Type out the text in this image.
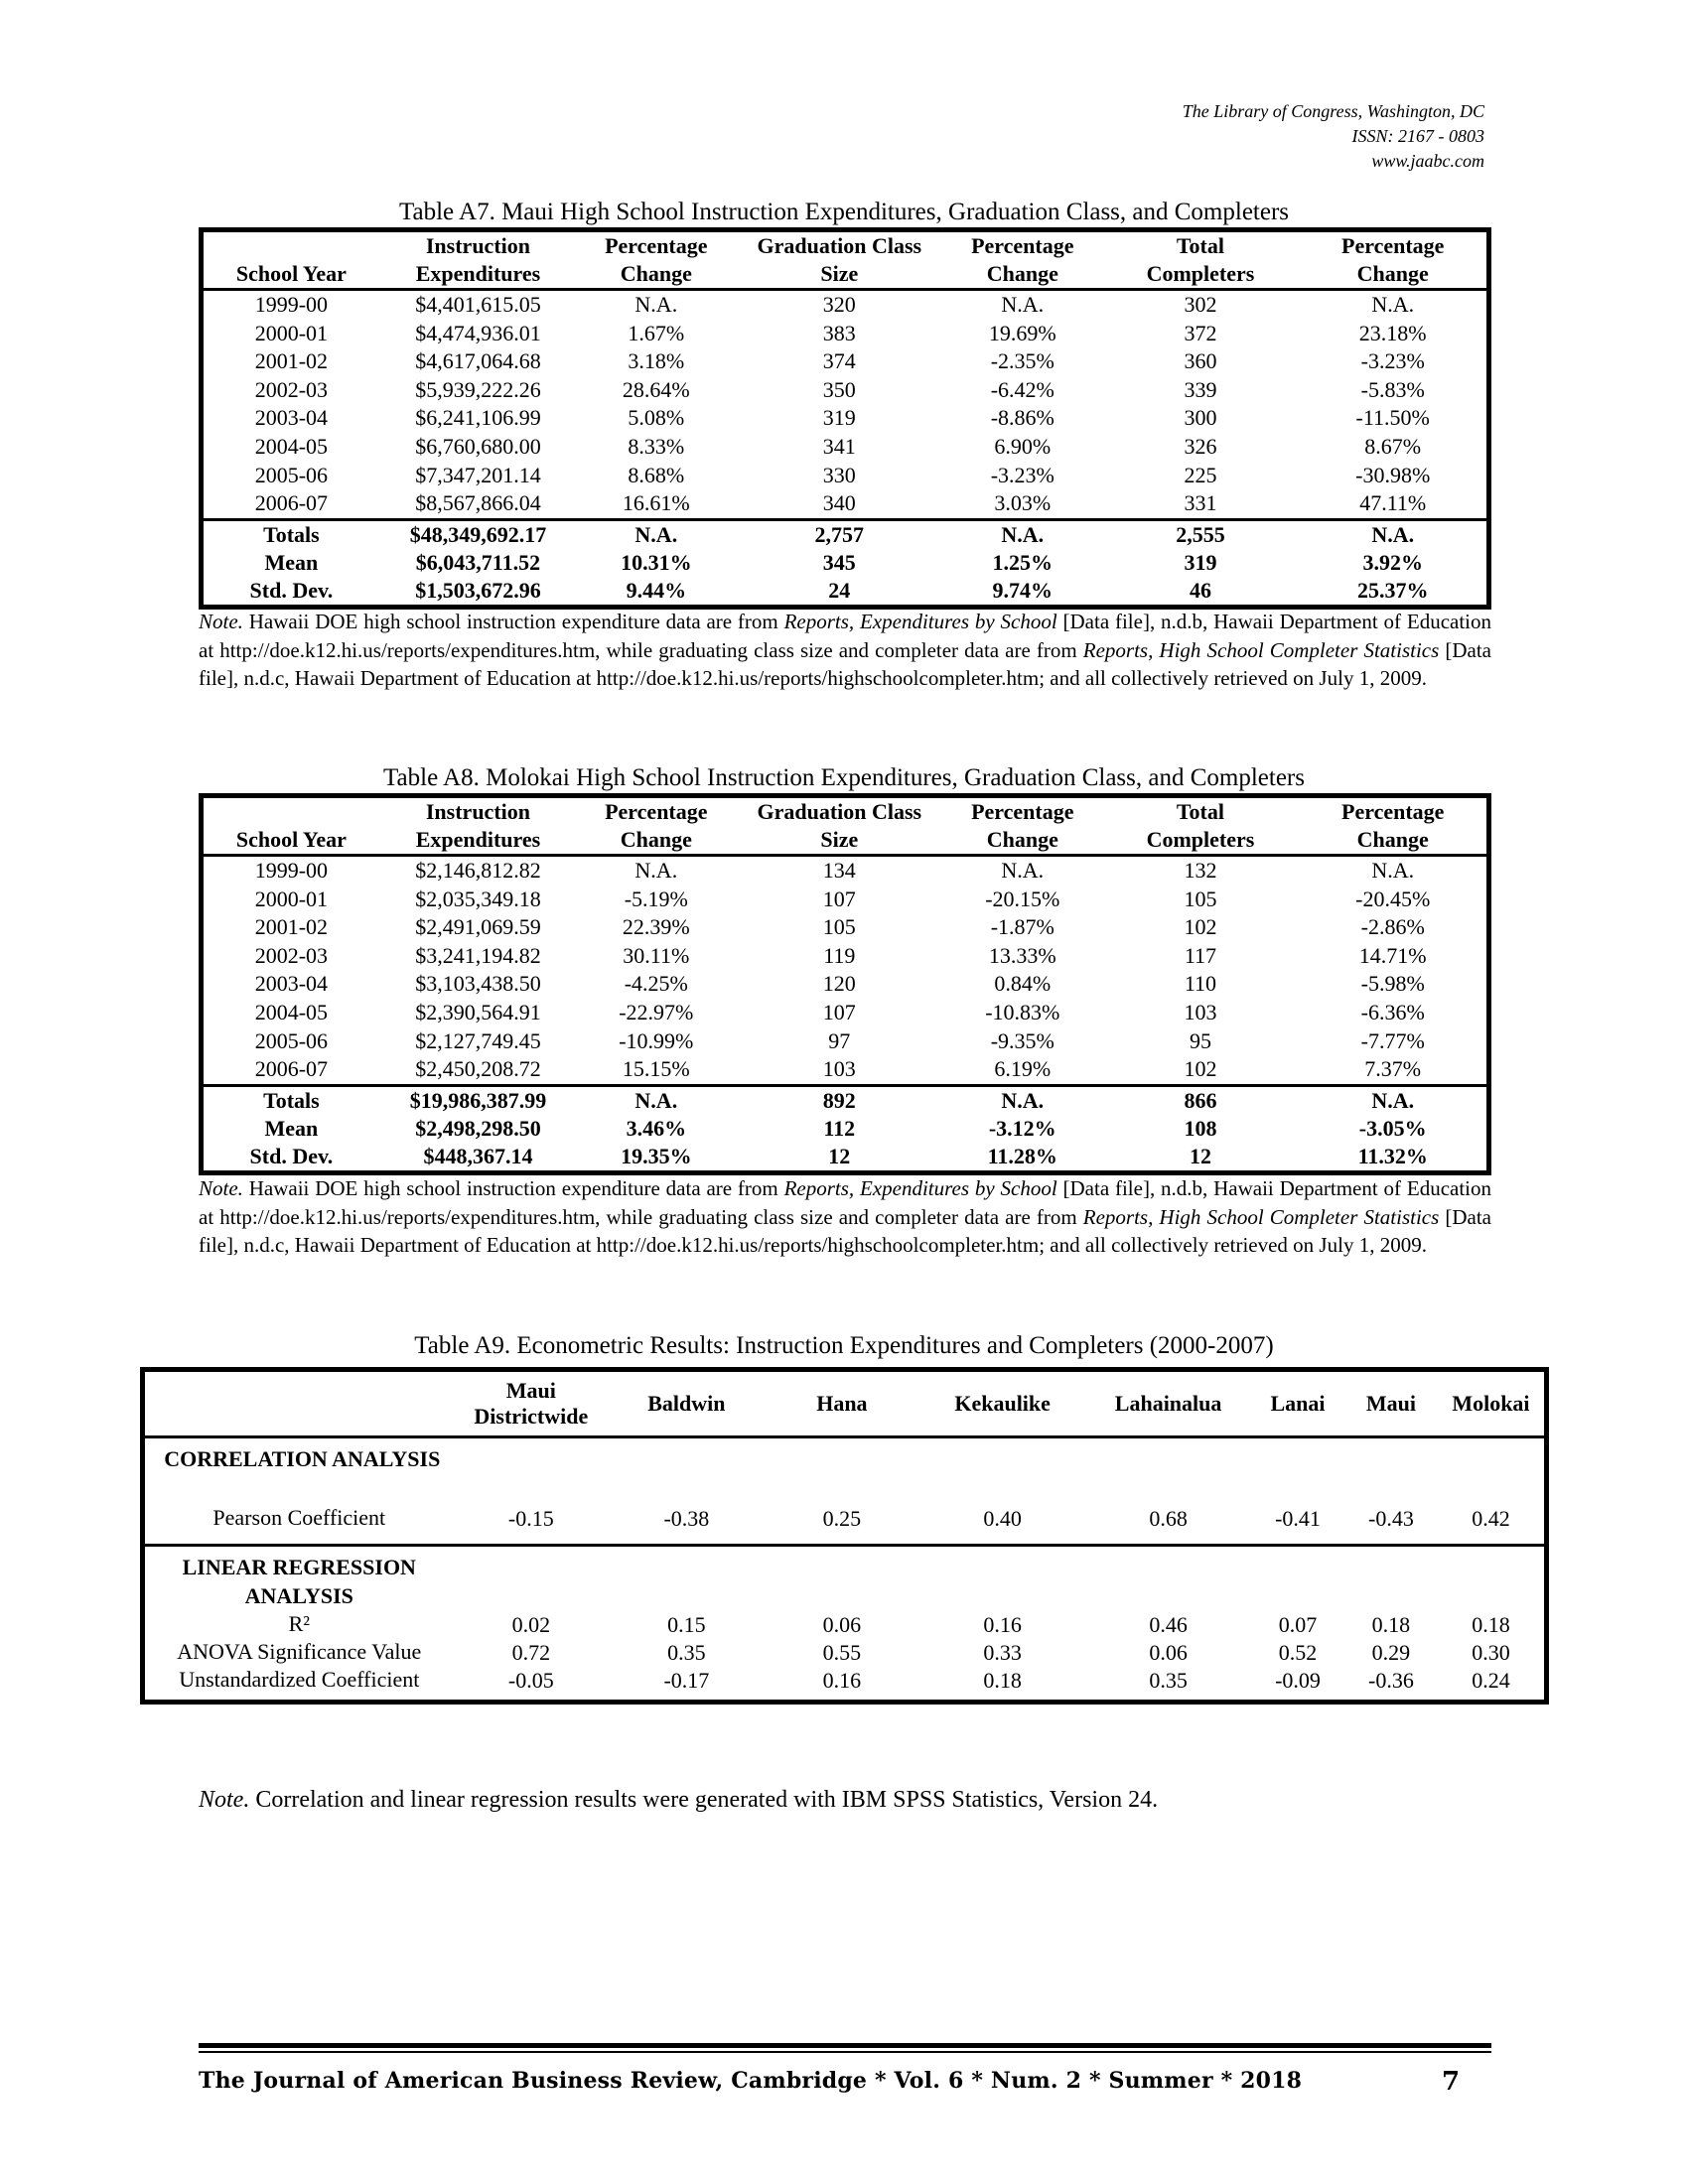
The Library of Congress, Washington, DC
ISSN: 2167 - 0803
www.jaabc.com
Table A7. Maui High School Instruction Expenditures, Graduation Class, and Completers
	Instruction	Percentage	Graduation Class	Percentage	Total	Percentage
School Year	Expenditures	Change	Size	Change	Completers	Change
1999-00	$4,401,615.05	N.A.	320	N.A.	302	N.A.
2000-01	$4,474,936.01	1.67%	383	19.69%	372	23.18%
2001-02	$4,617,064.68	3.18%	374	-2.35%	360	-3.23%
2002-03	$5,939,222.26	28.64%	350	-6.42%	339	-5.83%
2003-04	$6,241,106.99	5.08%	319	-8.86%	300	-11.50%
2004-05	$6,760,680.00	8.33%	341	6.90%	326	8.67%
2005-06	$7,347,201.14	8.68%	330	-3.23%	225	-30.98%
2006-07	$8,567,866.04	16.61%	340	3.03%	331	47.11%
Totals	$48,349,692.17	N.A.	2,757	N.A.	2,555	N.A.
Mean	$6,043,711.52	10.31%	345	1.25%	319	3.92%
Std. Dev.	$1,503,672.96	9.44%	24	9.74%	46	25.37%
Note. Hawaii DOE high school instruction expenditure data are from Reports, Expenditures by School [Data file], n.d.b, Hawaii Department of Education at http://doe.k12.hi.us/reports/expenditures.htm, while graduating class size and completer data are from Reports, High School Completer Statistics [Data file], n.d.c, Hawaii Department of Education at http://doe.k12.hi.us/reports/highschoolcompleter.htm; and all collectively retrieved on July 1, 2009.
Table A8. Molokai High School Instruction Expenditures, Graduation Class, and Completers
	Instruction	Percentage	Graduation Class	Percentage	Total	Percentage
School Year	Expenditures	Change	Size	Change	Completers	Change
1999-00	$2,146,812.82	N.A.	134	N.A.	132	N.A.
2000-01	$2,035,349.18	-5.19%	107	-20.15%	105	-20.45%
2001-02	$2,491,069.59	22.39%	105	-1.87%	102	-2.86%
2002-03	$3,241,194.82	30.11%	119	13.33%	117	14.71%
2003-04	$3,103,438.50	-4.25%	120	0.84%	110	-5.98%
2004-05	$2,390,564.91	-22.97%	107	-10.83%	103	-6.36%
2005-06	$2,127,749.45	-10.99%	97	-9.35%	95	-7.77%
2006-07	$2,450,208.72	15.15%	103	6.19%	102	7.37%
Totals	$19,986,387.99	N.A.	892	N.A.	866	N.A.
Mean	$2,498,298.50	3.46%	112	-3.12%	108	-3.05%
Std. Dev.	$448,367.14	19.35%	12	11.28%	12	11.32%
Note. Hawaii DOE high school instruction expenditure data are from Reports, Expenditures by School [Data file], n.d.b, Hawaii Department of Education at http://doe.k12.hi.us/reports/expenditures.htm, while graduating class size and completer data are from Reports, High School Completer Statistics [Data file], n.d.c, Hawaii Department of Education at http://doe.k12.hi.us/reports/highschoolcompleter.htm; and all collectively retrieved on July 1, 2009.
Table A9. Econometric Results: Instruction Expenditures and Completers (2000-2007)
	Maui Districtwide	Baldwin	Hana	Kekaulike	Lahainalua	Lanai	Maui	Molokai
CORRELATION ANALYSIS								
Pearson Coefficient	-0.15	-0.38	0.25	0.40	0.68	-0.41	-0.43	0.42
LINEAR REGRESSION ANALYSIS								
R²	0.02	0.15	0.06	0.16	0.46	0.07	0.18	0.18
ANOVA Significance Value	0.72	0.35	0.55	0.33	0.06	0.52	0.29	0.30
Unstandardized Coefficient	-0.05	-0.17	0.16	0.18	0.35	-0.09	-0.36	0.24
Note. Correlation and linear regression results were generated with IBM SPSS Statistics, Version 24.
The Journal of American Business Review, Cambridge * Vol. 6 * Num. 2 * Summer * 2018	7
